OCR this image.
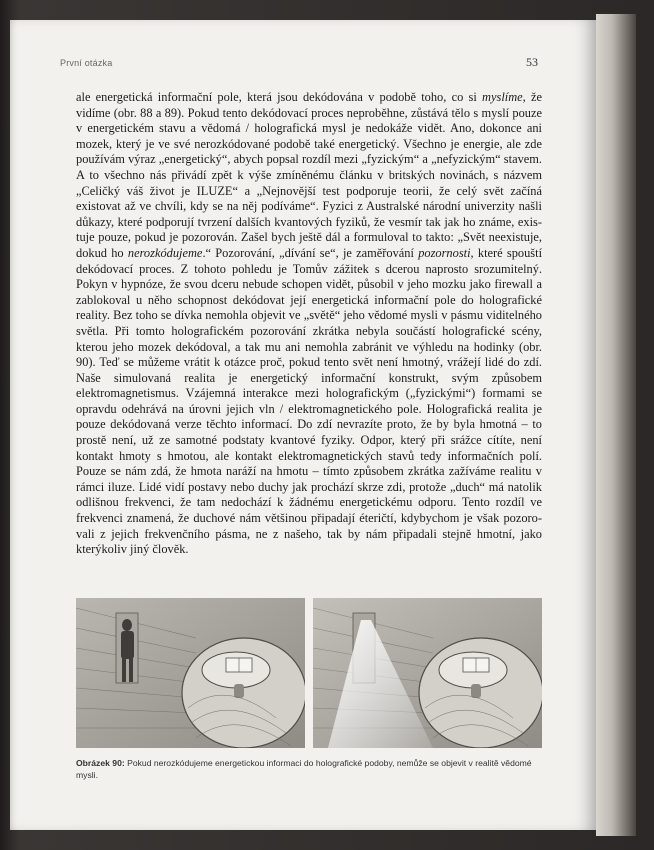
První otázka	53

ale energetická informační pole, která jsou dekódována v podobě toho, co si myslíme, že vidíme (obr. 88 a 89). Pokud tento dekódovací proces neproběhne, zůstává tělo s myslí pouze v energetickém stavu a vědomá / holografická mysl je nedokáže vidět. Ano, dokonce ani mozek, který je ve své nerozkódované podobě také energetický. Všechno je energie, ale zde používám výraz „energetický“, abych popsal rozdíl mezi „fyzickým“ a „nefyzickým“ stavem. A to všechno nás přivádí zpět k výše zmíněnému článku v britských novinách, s názvem „Celičký váš život je ILUZE“ a „Nejnovější test podporuje teorii, že celý svět začíná existovat až ve chvíli, kdy se na něj podíváme“. Fyzici z Australské národní univerzity našli důkazy, které podporují tvrzení dalších kvantových fyziků, že vesmír tak jak ho známe, existuje pouze, pokud je pozorován. Zašel bych ještě dál a formuloval to takto: „Svět neexistuje, dokud ho nerozkódujeme.“ Pozorování, „dívání se“, je zaměřování pozornosti, které spouští dekódovací proces. Z tohoto pohledu je Tomův zážitek s dcerou naprosto srozumitelný. Pokyn v hypnóze, že svou dceru nebude schopen vidět, působil v jeho mozku jako firewall a zablokoval u něho schopnost dekódovat její energetická informační pole do holografické reality. Bez toho se dívka nemohla objevit ve „světě“ jeho vědomé mysli v pásmu viditelného světla. Při tomto holografickém pozorování zkrátka nebyla součástí holografické scény, kterou jeho mozek dekódoval, a tak mu ani nemohla zabránit ve výhledu na hodinky (obr. 90). Teď se můžeme vrátit k otázce proč, pokud tento svět není hmotný, vrážejí lidé do zdí. Naše simulovaná realita je energetický informační konstrukt, svým způsobem elektromagnetismus. Vzájemná interakce mezi holografickým („fyzickými“) formami se opravdu odehrává na úrovni jejich vln / elektromagnetického pole. Holografická realita je pouze dekódovaná verze těchto informací. Do zdí nevrazíte proto, že by byla hmotná – to prostě není, už ze samotné podstaty kvantové fyziky. Odpor, který při srážce cítíte, není kontakt hmoty s hmotou, ale kontakt elektromagnetických stavů tedy informačních polí. Pouze se nám zdá, že hmota naráží na hmotu – tímto způsobem zkrátka zažíváme realitu v rámci iluze. Lidé vidí postavy nebo duchy jak prochází skrze zdi, protože „duch“ má natolik odlišnou frekvenci, že tam nedochází k žádnému energetickému odporu. Tento rozdíl ve frekvenci znamená, že duchové nám většinou připadají éteričtí, kdybychom je však pozorovali z jejich frekvenčního pásma, ne z našeho, tak by nám připadali stejně hmotní, jako kterýkoliv jiný člověk.

Obrázek 90: Pokud nerozkódujeme energetickou informaci do holografické podoby, nemůže se objevit v realitě vědomé mysli.
